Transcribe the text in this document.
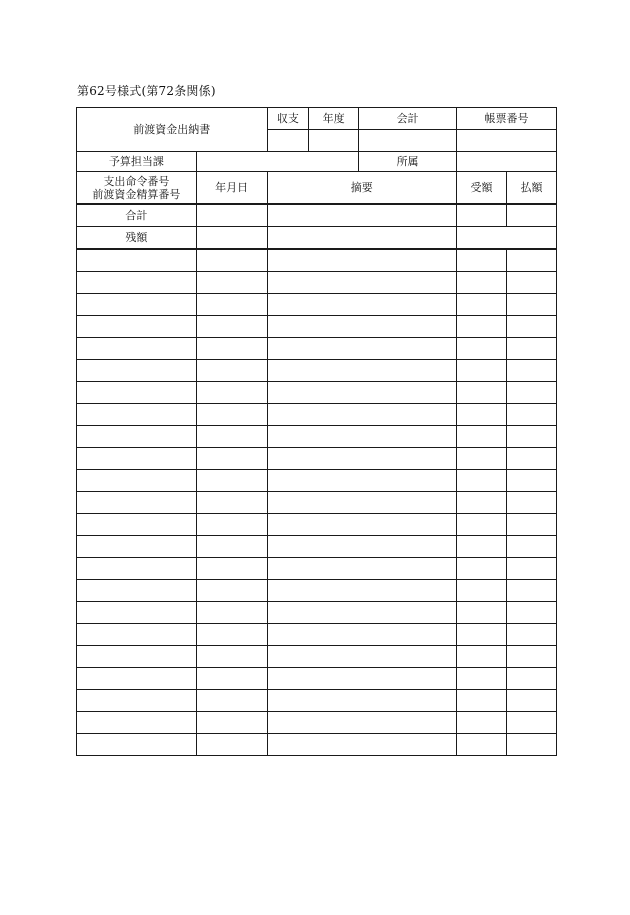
第62号様式(第72条関係)
前渡資金出納書		収支	年度	会計	帳票番号	

予算担当課				所属		

支出命令番号
前渡資金精算番号	年月日	摘要			受額	払額
合計						
残額						
